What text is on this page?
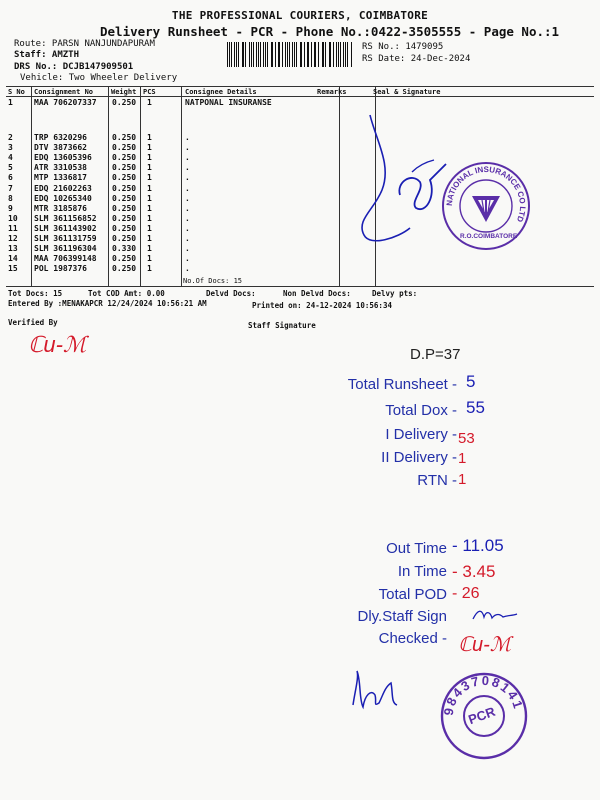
THE PROFESSIONAL COURIERS, COIMBATORE
Delivery Runsheet - PCR - Phone No.:0422-3505555 - Page No.:1
Route: PARSN NANJUNDAPURAM
Staff: AMZTH
DRS No.: DCJB147909501
Vehicle: Two Wheeler Delivery
RS No.: 1479095
RS Date: 24-Dec-2024
S No Consignment No	Weight PCS	Consignee Details	Remarks	Seal & Signature
1	MAA 706207337 0.250 1	NATPONAL INSURANSE
2	TRP 6320296	0.250 1	.
3	DTV 3873662	0.250 1	.
4	EDQ 13605396	0.250 1	.
5	ATR 3310538	0.250 1	.
6	MTP 1336817	0.250 1	.
7	EDQ 21602263	0.250 1	.
8	EDQ 10265340	0.250 1	.
9	MTR 3185876	0.250 1	.
10 SLM 361156852 0.250 1	.
11 SLM 361143902 0.250 1	.
12 SLM 361131759 0.250 1	.
13 SLM 361196304 0.330 1	.
14 MAA 706399148 0.250 1	.
15 POL 1987376	0.250 1	.
No.Of Docs: 15
Tot Docs: 15	Tot COD Amt: 0.00	Delvd Docs:	Non Delvd Docs:	Delvy pts:
Entered By :MENAKAPCR 12/24/2024 10:56:21 AM	Printed on: 24-12-2024 10:56:34
Verified By	Staff Signature
NATIONAL INSURANCE CO LTD
R.O.COIMBATORE
ℂu-ℳ	D.P=37
Total Runsheet - 5
Total Dox - 55
I Delivery - 53
II Delivery - 1
RTN - 1
Out Time - 11.05
In Time - 3.45
Total POD - 26
Dly.Staff Sign
Checked - ℂu-ℳ
9843708141
PCR
